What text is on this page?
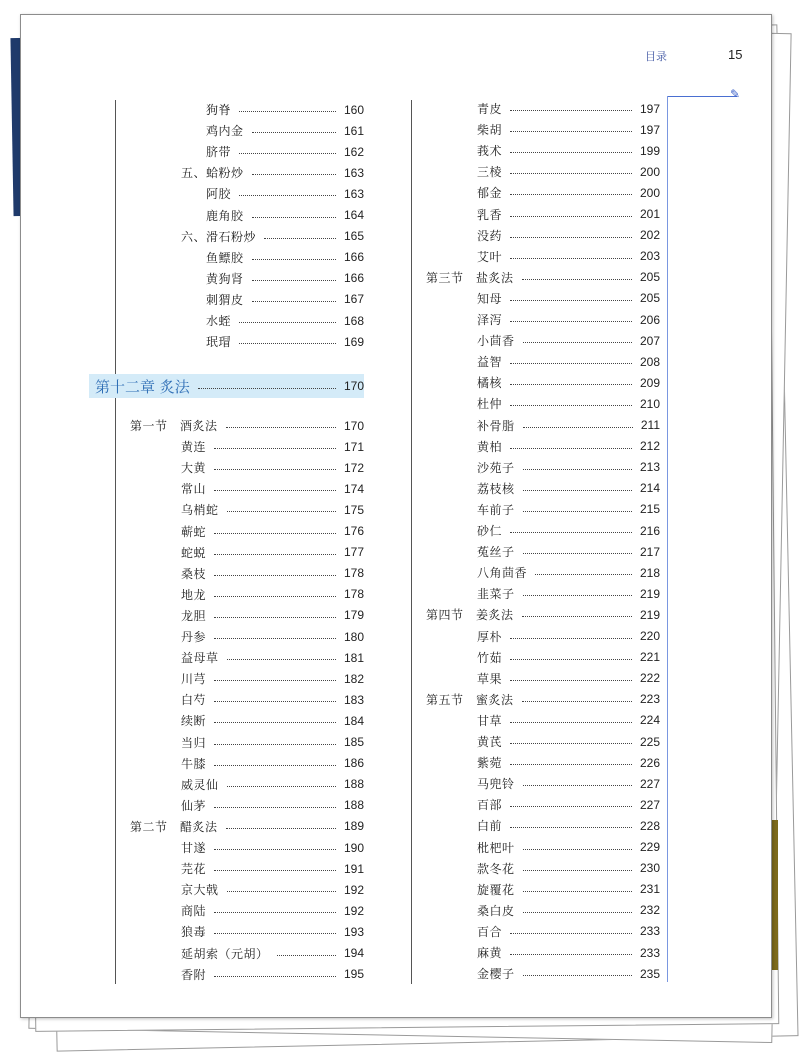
目录	15
✎
第十二章 炙法	170
狗脊	160
鸡内金	161
脐带	162
五、蛤粉炒	163
阿胶	163
鹿角胶	164
六、滑石粉炒	165
鱼鳔胶	166
黄狗肾	166
刺猬皮	167
水蛭	168
珉瑁	169
第一节	酒炙法	170
黄连	171
大黄	172
常山	174
乌梢蛇	175
蕲蛇	176
蛇蜕	177
桑枝	178
地龙	178
龙胆	179
丹参	180
益母草	181
川芎	182
白芍	183
续断	184
当归	185
牛膝	186
威灵仙	188
仙茅	188
第二节	醋炙法	189
甘遂	190
芫花	191
京大戟	192
商陆	192
狼毒	193
延胡索（元胡）	194
香附	195
青皮	197
柴胡	197
莪术	199
三棱	200
郁金	200
乳香	201
没药	202
艾叶	203
第三节	盐炙法	205
知母	205
泽泻	206
小茴香	207
益智	208
橘核	209
杜仲	210
补骨脂	211
黄柏	212
沙苑子	213
荔枝核	214
车前子	215
砂仁	216
菟丝子	217
八角茴香	218
韭菜子	219
第四节	姜炙法	219
厚朴	220
竹茹	221
草果	222
第五节	蜜炙法	223
甘草	224
黄芪	225
紫菀	226
马兜铃	227
百部	227
白前	228
枇杷叶	229
款冬花	230
旋覆花	231
桑白皮	232
百合	233
麻黄	233
金樱子	235
